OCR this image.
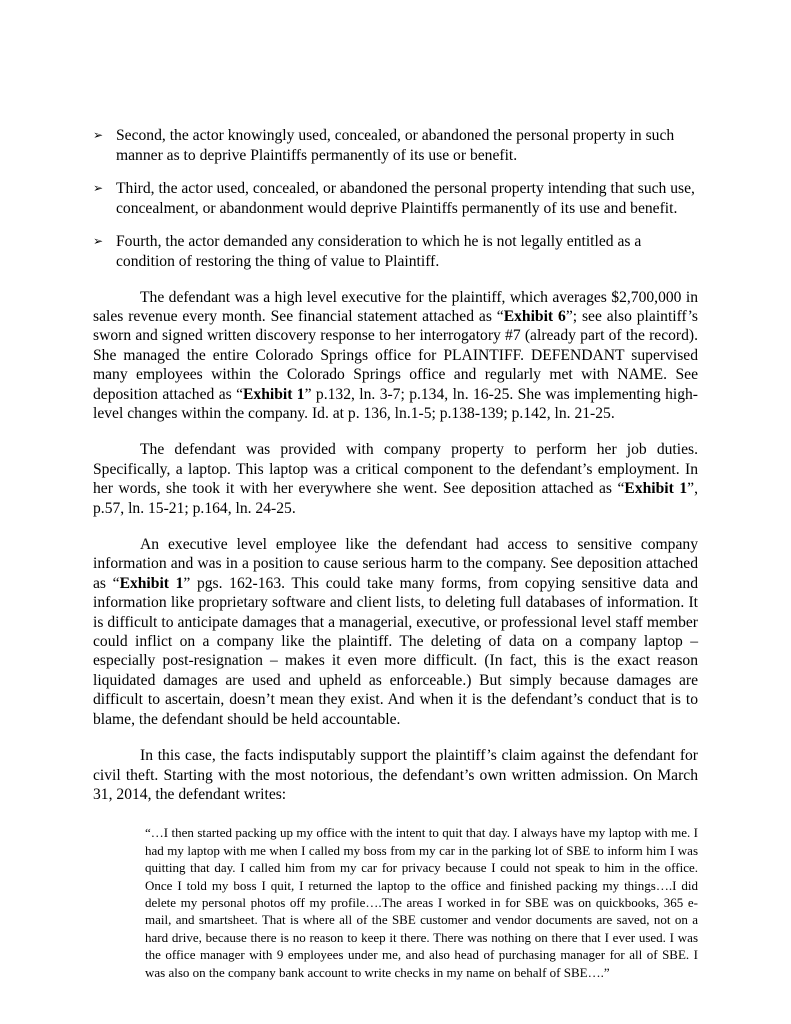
➢ Second, the actor knowingly used, concealed, or abandoned the personal property in such manner as to deprive Plaintiffs permanently of its use or benefit.
➢ Third, the actor used, concealed, or abandoned the personal property intending that such use, concealment, or abandonment would deprive Plaintiffs permanently of its use and benefit.
➢ Fourth, the actor demanded any consideration to which he is not legally entitled as a condition of restoring the thing of value to Plaintiff.

The defendant was a high level executive for the plaintiff, which averages $2,700,000 in sales revenue every month. See financial statement attached as “Exhibit 6”; see also plaintiff’s sworn and signed written discovery response to her interrogatory #7 (already part of the record). She managed the entire Colorado Springs office for PLAINTIFF. DEFENDANT supervised many employees within the Colorado Springs office and regularly met with NAME. See deposition attached as “Exhibit 1” p.132, ln. 3-7; p.134, ln. 16-25. She was implementing high-level changes within the company. Id. at p. 136, ln.1-5; p.138-139; p.142, ln. 21-25.

The defendant was provided with company property to perform her job duties. Specifically, a laptop. This laptop was a critical component to the defendant’s employment. In her words, she took it with her everywhere she went. See deposition attached as “Exhibit 1”, p.57, ln. 15-21; p.164, ln. 24-25.

An executive level employee like the defendant had access to sensitive company information and was in a position to cause serious harm to the company. See deposition attached as “Exhibit 1” pgs. 162-163. This could take many forms, from copying sensitive data and information like proprietary software and client lists, to deleting full databases of information. It is difficult to anticipate damages that a managerial, executive, or professional level staff member could inflict on a company like the plaintiff. The deleting of data on a company laptop – especially post-resignation – makes it even more difficult. (In fact, this is the exact reason liquidated damages are used and upheld as enforceable.) But simply because damages are difficult to ascertain, doesn’t mean they exist. And when it is the defendant’s conduct that is to blame, the defendant should be held accountable.

In this case, the facts indisputably support the plaintiff’s claim against the defendant for civil theft. Starting with the most notorious, the defendant’s own written admission. On March 31, 2014, the defendant writes:

“…I then started packing up my office with the intent to quit that day. I always have my laptop with me. I had my laptop with me when I called my boss from my car in the parking lot of SBE to inform him I was quitting that day. I called him from my car for privacy because I could not speak to him in the office. Once I told my boss I quit, I returned the laptop to the office and finished packing my things….I did delete my personal photos off my profile….The areas I worked in for SBE was on quickbooks, 365 e-mail, and smartsheet. That is where all of the SBE customer and vendor documents are saved, not on a hard drive, because there is no reason to keep it there. There was nothing on there that I ever used. I was the office manager with 9 employees under me, and also head of purchasing manager for all of SBE. I was also on the company bank account to write checks in my name on behalf of SBE….”
